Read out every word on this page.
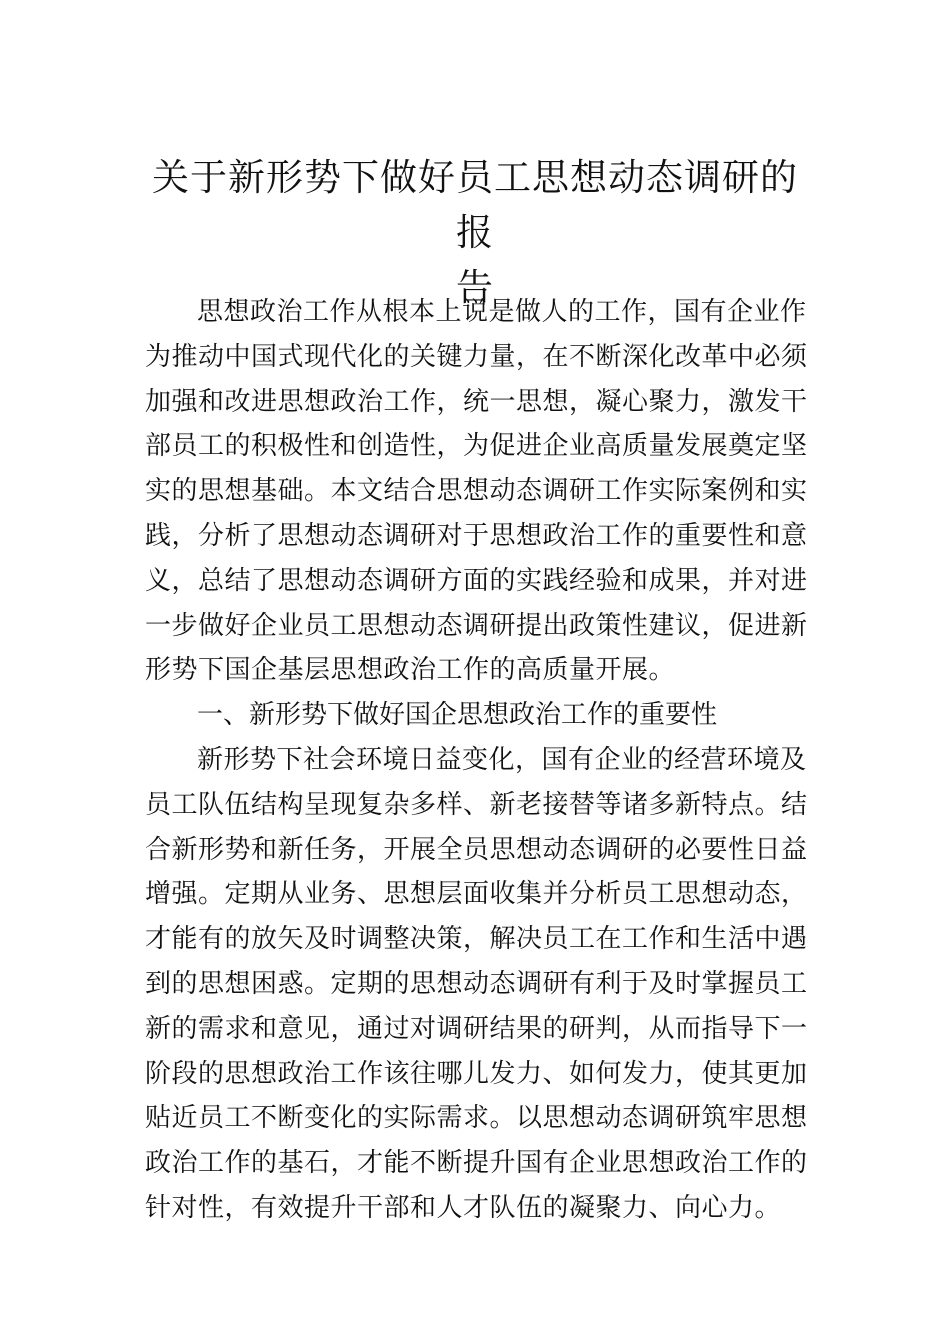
关于新形势下做好员工思想动态调研的报
告

思想政治工作从根本上说是做人的工作，国有企业作
为推动中国式现代化的关键力量，在不断深化改革中必须
加强和改进思想政治工作，统一思想，凝心聚力，激发干
部员工的积极性和创造性，为促进企业高质量发展奠定坚
实的思想基础。本文结合思想动态调研工作实际案例和实
践，分析了思想动态调研对于思想政治工作的重要性和意
义，总结了思想动态调研方面的实践经验和成果，并对进
一步做好企业员工思想动态调研提出政策性建议，促进新
形势下国企基层思想政治工作的高质量开展。

一、新形势下做好国企思想政治工作的重要性

新形势下社会环境日益变化，国有企业的经营环境及
员工队伍结构呈现复杂多样、新老接替等诸多新特点。结
合新形势和新任务，开展全员思想动态调研的必要性日益
增强。定期从业务、思想层面收集并分析员工思想动态，
才能有的放矢及时调整决策，解决员工在工作和生活中遇
到的思想困惑。定期的思想动态调研有利于及时掌握员工
新的需求和意见，通过对调研结果的研判，从而指导下一
阶段的思想政治工作该往哪儿发力、如何发力，使其更加
贴近员工不断变化的实际需求。以思想动态调研筑牢思想
政治工作的基石，才能不断提升国有企业思想政治工作的
针对性，有效提升干部和人才队伍的凝聚力、向心力。
